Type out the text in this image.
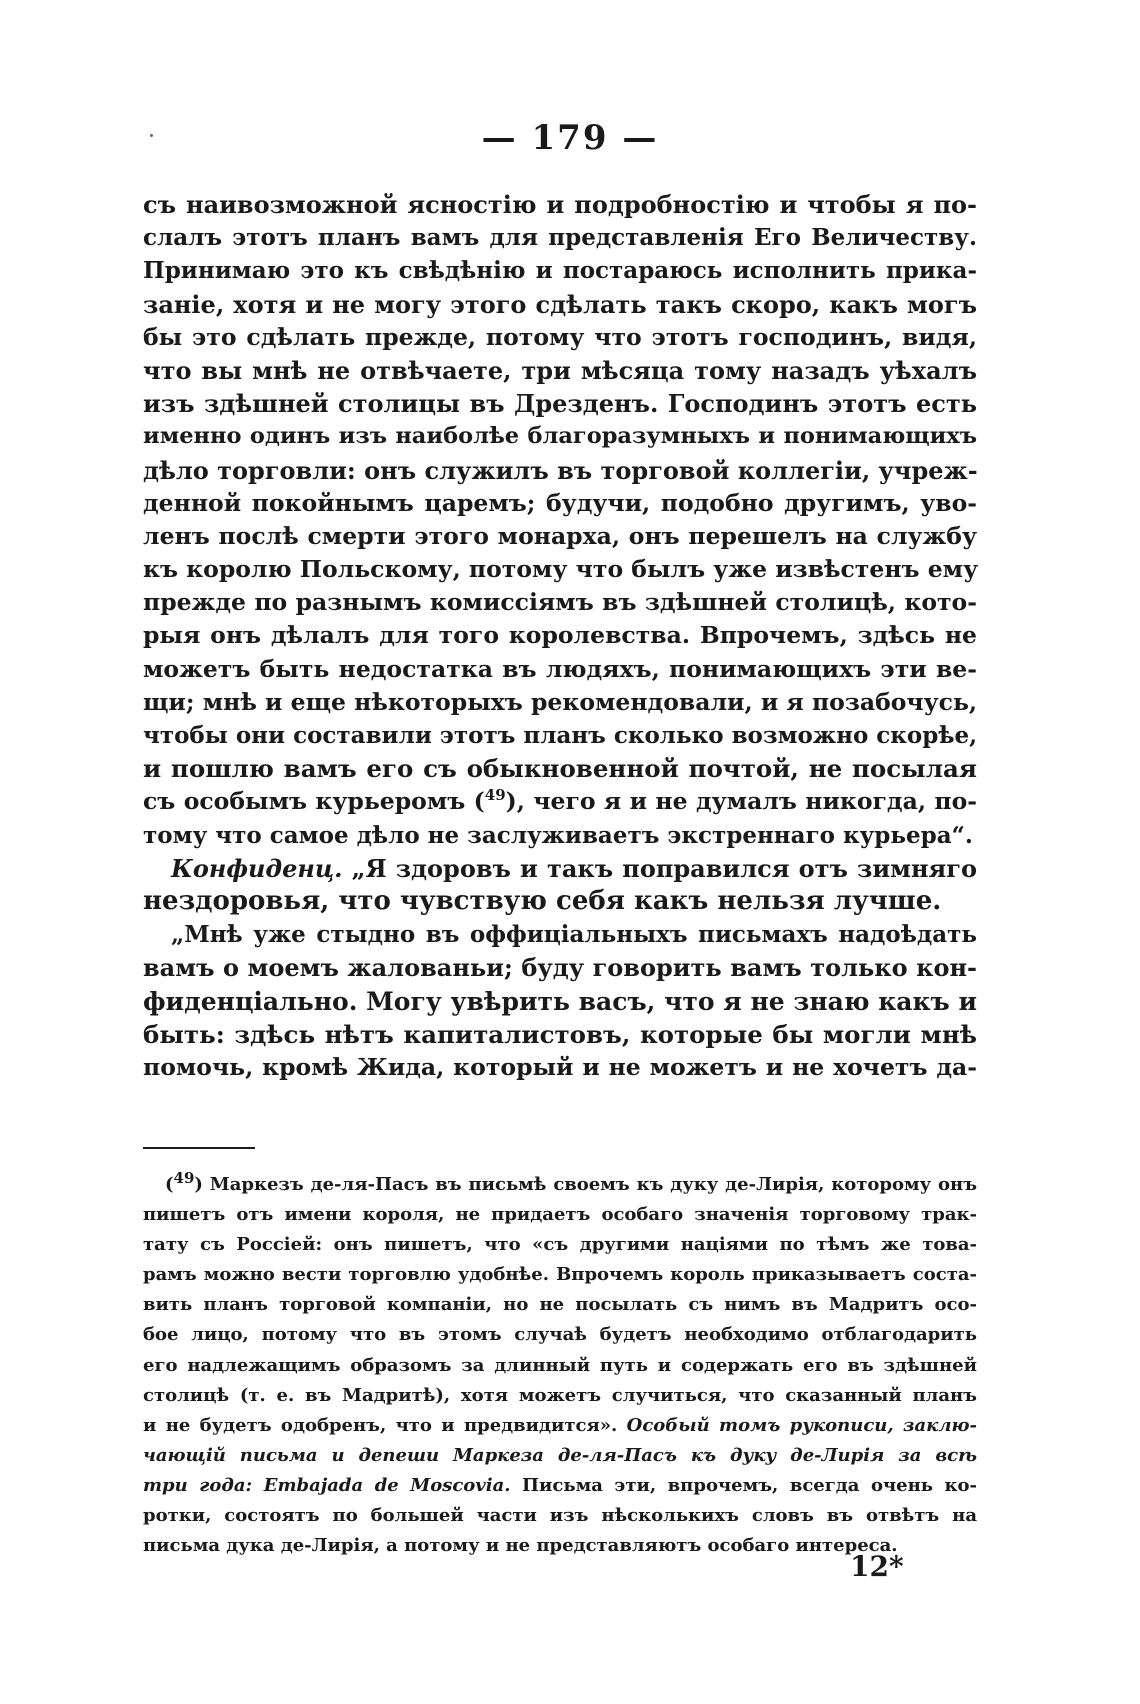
— 179 —
съ наивозможной ясностію и подробностію и чтобы я по-
слалъ этотъ планъ вамъ для представленія Его Величеству.
Принимаю это къ свѣдѣнію и постараюсь исполнить прика-
заніе, хотя и не могу этого сдѣлать такъ скоро, какъ могъ
бы это сдѣлать прежде, потому что этотъ господинъ, видя,
что вы мнѣ не отвѣчаете, три мѣсяца тому назадъ уѣхалъ
изъ здѣшней столицы въ Дрезденъ. Господинъ этотъ есть
именно одинъ изъ наиболѣе благоразумныхъ и понимающихъ
дѣло торговли: онъ служилъ въ торговой коллегіи, учреж-
денной покойнымъ царемъ; будучи, подобно другимъ, уво-
ленъ послѣ смерти этого монарха, онъ перешелъ на службу
къ королю Польскому, потому что былъ уже извѣстенъ ему
прежде по разнымъ комиссіямъ въ здѣшней столицѣ, кото-
рыя онъ дѣлалъ для того королевства. Впрочемъ, здѣсь не
можетъ быть недостатка въ людяхъ, понимающихъ эти ве-
щи; мнѣ и еще нѣкоторыхъ рекомендовали, и я позабочусь,
чтобы они составили этотъ планъ сколько возможно скорѣе,
и пошлю вамъ его съ обыкновенной почтой, не посылая
съ особымъ курьеромъ ($^{49}$), чего я и не думалъ никогда, по-
тому что самое дѣло не заслуживаетъ экстреннаго курьера“.
Конфиденц. „Я здоровъ и такъ поправился отъ зимняго
нездоровья, что чувствую себя какъ нельзя лучше.
„Мнѣ уже стыдно въ оффиціальныхъ письмахъ надоѣдать
вамъ о моемъ жалованьи; буду говорить вамъ только кон-
фиденціально. Могу увѣрить васъ, что я не знаю какъ и
быть: здѣсь нѣтъ капиталистовъ, которые бы могли мнѣ
помочь, кромѣ Жида, который и не можетъ и не хочетъ да-
($^{49}$) Маркезъ де-ля-Пасъ въ письмѣ своемъ къ дуку де-Лирія, которому онъ
пишетъ отъ имени короля, не придаетъ особаго значенія торговому трак-
тату съ Россіей: онъ пишетъ, что «съ другими націями по тѣмъ же това-
рамъ можно вести торговлю удобнѣе. Впрочемъ король приказываетъ соста-
вить планъ торговой компаніи, но не посылать съ нимъ въ Мадритъ осо-
бое лицо, потому что въ этомъ случаѣ будетъ необходимо отблагодарить
его надлежащимъ образомъ за длинный путь и содержать его въ здѣшней
столицѣ (т. е. въ Мадритѣ), хотя можетъ случиться, что сказанный планъ
и не будетъ одобренъ, что и предвидится». Особый томъ рукописи, заклю-
чающій письма и депеши Маркеза де-ля-Пасъ къ дуку де-Лирія за всѣ
три года: Embajada de Moscovia. Письма эти, впрочемъ, всегда очень ко-
ротки, состоятъ по большей части изъ нѣсколькихъ словъ въ отвѣтъ на
письма дука де-Лирія, а потому и не представляютъ особаго интереса.
12*
